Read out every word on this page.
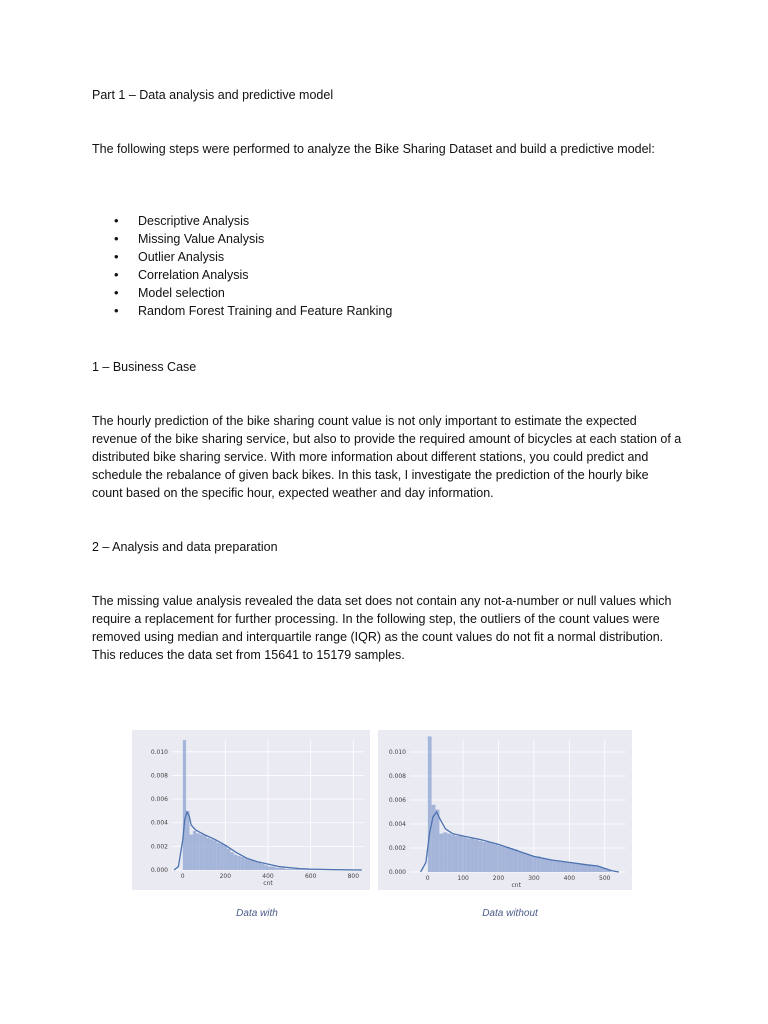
Part 1 – Data analysis and predictive model

The following steps were performed to analyze the Bike Sharing Dataset and build a predictive model:

• Descriptive Analysis
• Missing Value Analysis
• Outlier Analysis
• Correlation Analysis
• Model selection
• Random Forest Training and Feature Ranking

1 – Business Case

The hourly prediction of the bike sharing count value is not only important to estimate the expected revenue of the bike sharing service, but also to provide the required amount of bicycles at each station of a distributed bike sharing service. With more information about different stations, you could predict and schedule the rebalance of given back bikes. In this task, I investigate the prediction of the hourly bike count based on the specific hour, expected weather and day information.

2 – Analysis and data preparation

The missing value analysis revealed the data set does not contain any not-a-number or null values which require a replacement for further processing. In the following step, the outliers of the count values were removed using median and interquartile range (IQR) as the count values do not fit a normal distribution. This reduces the data set from 15641 to 15179 samples.

0.000
0.002
0.004
0.006
0.008
0.010
0	200	400	600	800
cnt
0.000
0.002
0.004
0.006
0.008
0.010
0	100	200	300	400	500
cnt
Data with	Data without
